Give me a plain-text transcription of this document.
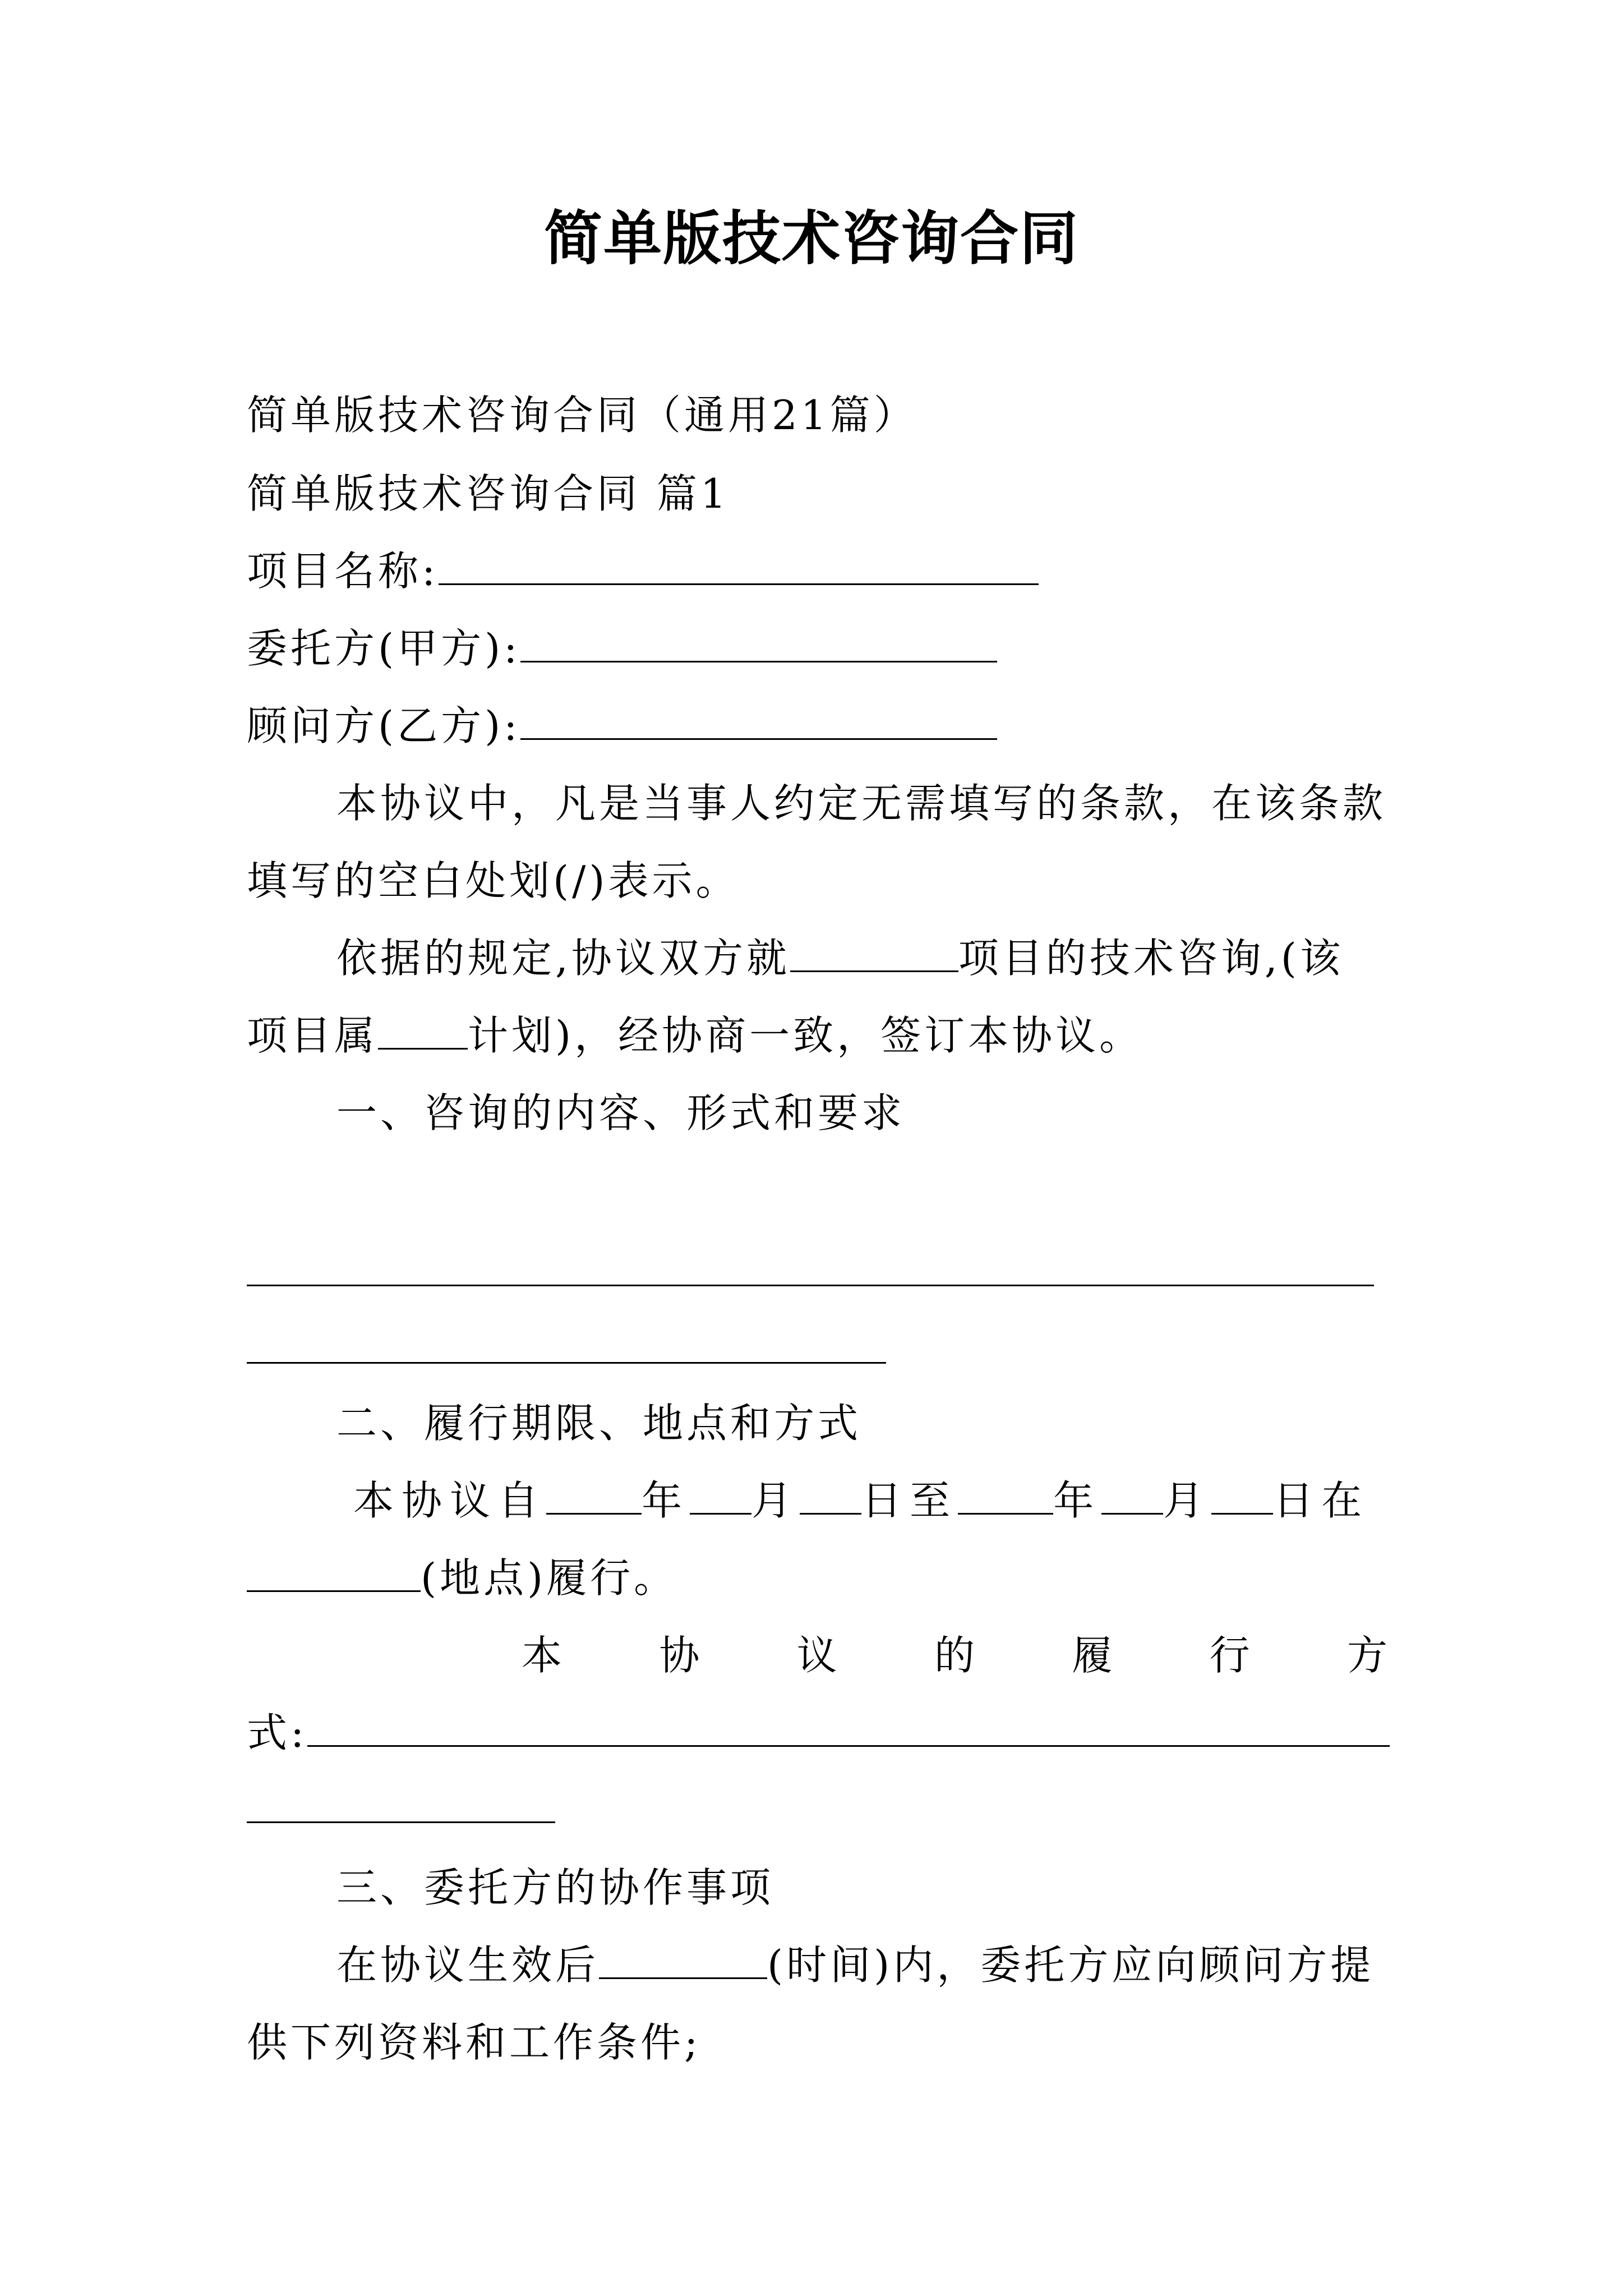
简单版技术咨询合同
简单版技术咨询合同（通用21篇）
简单版技术咨询合同 篇1
项目名称:
委托方(甲方):
顾问方(乙方):
本协议中，凡是当事人约定无需填写的条款，在该条款
填写的空白处划(/)表示。
依据的规定,协议双方就	项目的技术咨询,(该
项目属 计划)，经协商一致，签订本协议。
一、咨询的内容、形式和要求
二、履行期限、地点和方式
本协议自 年 月 日至 年 月 日在
(地点)履行。
本 协 议 的 履 行 方
式:
三、委托方的协作事项
在协议生效后	(时间)内，委托方应向顾问方提
供下列资料和工作条件;
